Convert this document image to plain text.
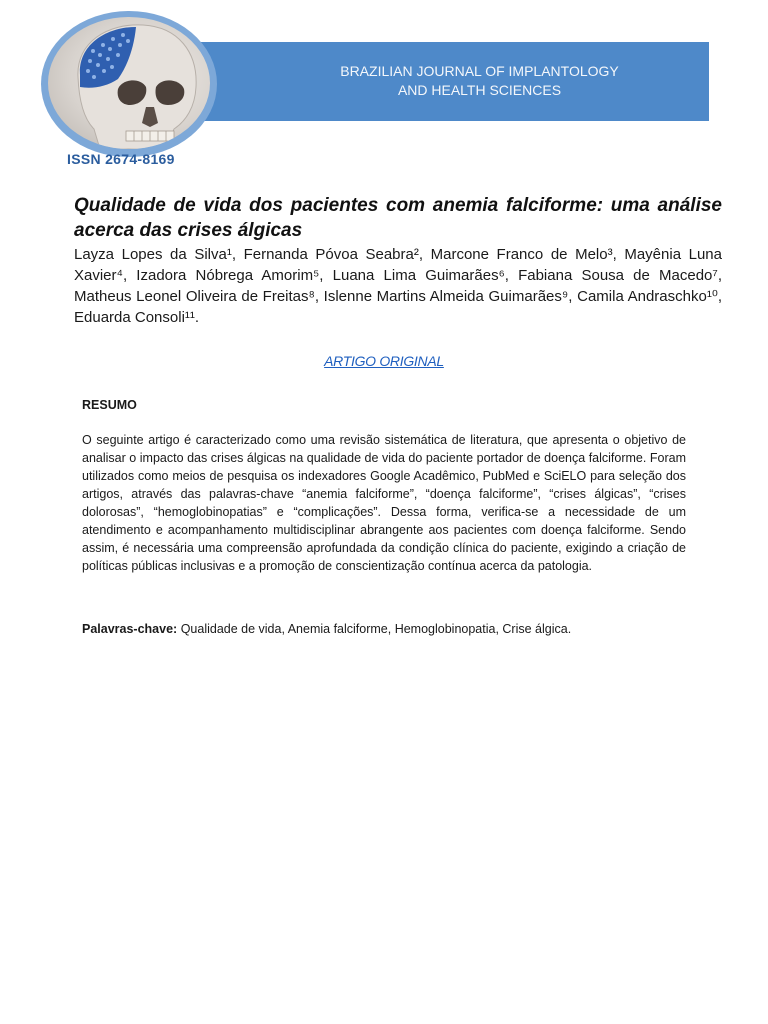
BRAZILIAN JOURNAL OF IMPLANTOLOGY
AND HEALTH SCIENCES
ISSN 2674-8169
Qualidade de vida dos pacientes com anemia falciforme: uma análise acerca das crises álgicas

Layza Lopes da Silva¹, Fernanda Póvoa Seabra², Marcone Franco de Melo³, Mayênia Luna Xavier⁴, Izadora Nóbrega Amorim⁵, Luana Lima Guimarães⁶, Fabiana Sousa de Macedo⁷, Matheus Leonel Oliveira de Freitas⁸, Islenne Martins Almeida Guimarães⁹, Camila Andraschko¹⁰, Eduarda Consoli¹¹.

ARTIGO ORIGINAL
RESUMO

O seguinte artigo é caracterizado como uma revisão sistemática de literatura, que apresenta o objetivo de analisar o impacto das crises álgicas na qualidade de vida do paciente portador de doença falciforme. Foram utilizados como meios de pesquisa os indexadores Google Acadêmico, PubMed e SciELO para seleção dos artigos, através das palavras-chave “anemia falciforme”, “doença falciforme”, “crises álgicas”, “crises dolorosas”, “hemoglobinopatias” e “complicações”. Dessa forma, verifica-se a necessidade de um atendimento e acompanhamento multidisciplinar abrangente aos pacientes com doença falciforme. Sendo assim, é necessária uma compreensão aprofundada da condição clínica do paciente, exigindo a criação de políticas públicas inclusivas e a promoção de conscientização contínua acerca da patologia.

Palavras-chave: Qualidade de vida, Anemia falciforme, Hemoglobinopatia, Crise álgica.
